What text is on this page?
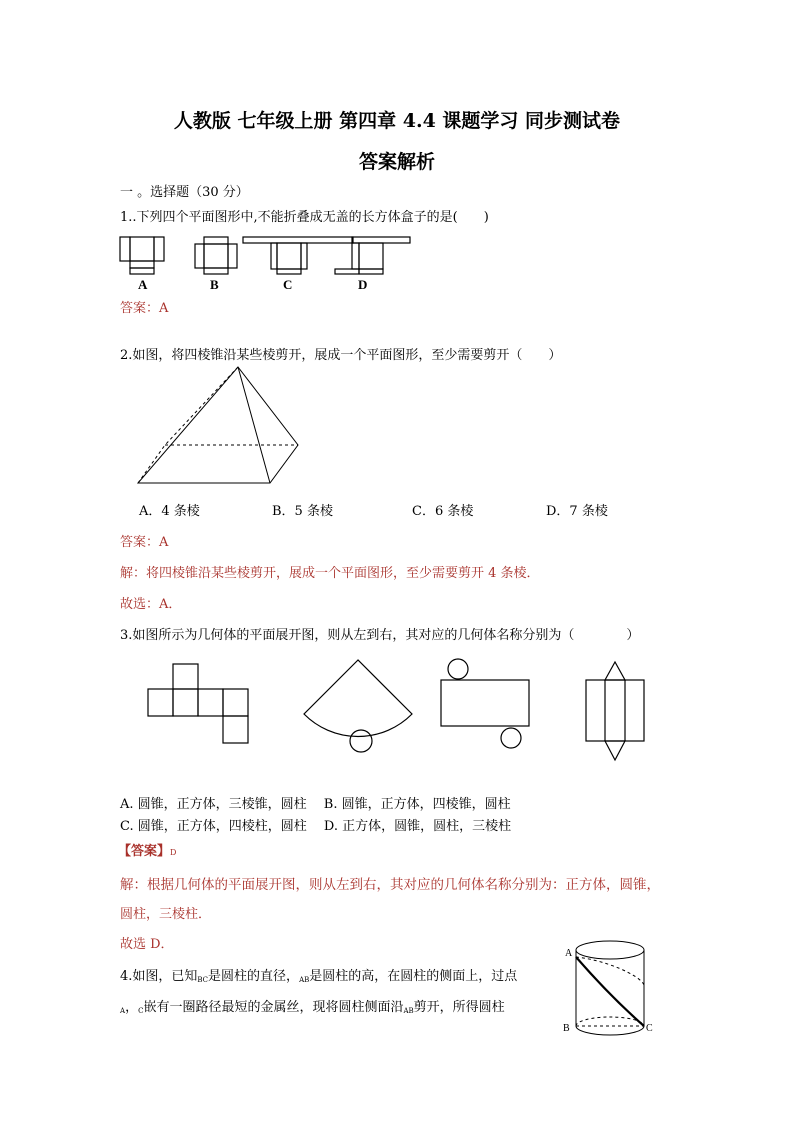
人教版 七年级上册 第四章 4.4 课题学习 同步测试卷
答案解析
一 。选择题（30 分）
1..下列四个平面图形中,不能折叠成无盖的长方体盒子的是(　　)
A	B	C	D
答案：A
2.如图，将四棱锥沿某些棱剪开，展成一个平面图形，至少需要剪开（　　）
A．4 条棱	B．5 条棱	C．6 条棱	D．7 条棱
答案：A
解：将四棱锥沿某些棱剪开，展成一个平面图形，至少需要剪开 4 条棱．
故选：A．
3.如图所示为几何体的平面展开图，则从左到右，其对应的几何体名称分别为（　　　　）
A. 圆锥，正方体，三棱锥，圆柱　 B. 圆锥，正方体，四棱锥，圆柱
C. 圆锥，正方体，四棱柱，圆柱　 D. 正方体，圆锥，圆柱，三棱柱
【答案】D
解：根据几何体的平面展开图，则从左到右，其对应的几何体名称分别为：正方体，圆锥，
圆柱，三棱柱．
故选 D．
4.如图，已知$_{BC}$是圆柱的直径，$_{AB}$是圆柱的高，在圆柱的侧面上，过点
$_A$，$_C$嵌有一圈路径最短的金属丝，现将圆柱侧面沿$_{AB}$剪开，所得圆柱
A
B	C
